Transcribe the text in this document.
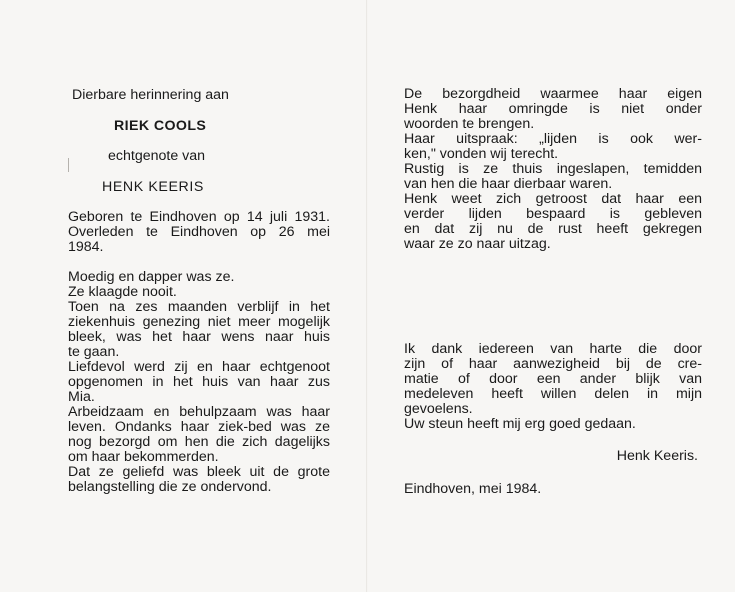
Dierbare herinnering aan
RIEK COOLS
echtgenote van
HENK KEERIS
Geboren te Eindhoven op 14 juli 1931.
Overleden te Eindhoven op 26 mei
1984.
Moedig en dapper was ze.
Ze klaagde nooit.
Toen na zes maanden verblijf in het
ziekenhuis genezing niet meer mogelijk
bleek, was het haar wens naar huis
te gaan.
Liefdevol werd zij en haar echtgenoot
opgenomen in het huis van haar zus
Mia.
Arbeidzaam en behulpzaam was haar
leven. Ondanks haar ziek-bed was ze
nog bezorgd om hen die zich dagelijks
om haar bekommerden.
Dat ze geliefd was bleek uit de grote
belangstelling die ze ondervond.
De bezorgdheid waarmee haar eigen
Henk haar omringde is niet onder
woorden te brengen.
Haar uitspraak: „lijden is ook wer-
ken," vonden wij terecht.
Rustig is ze thuis ingeslapen, temidden
van hen die haar dierbaar waren.
Henk weet zich getroost dat haar een
verder lijden bespaard is gebleven
en dat zij nu de rust heeft gekregen
waar ze zo naar uitzag.
Ik dank iedereen van harte die door
zijn of haar aanwezigheid bij de cre-
matie of door een ander blijk van
medeleven heeft willen delen in mijn
gevoelens.
Uw steun heeft mij erg goed gedaan.
Henk Keeris.
Eindhoven, mei 1984.
